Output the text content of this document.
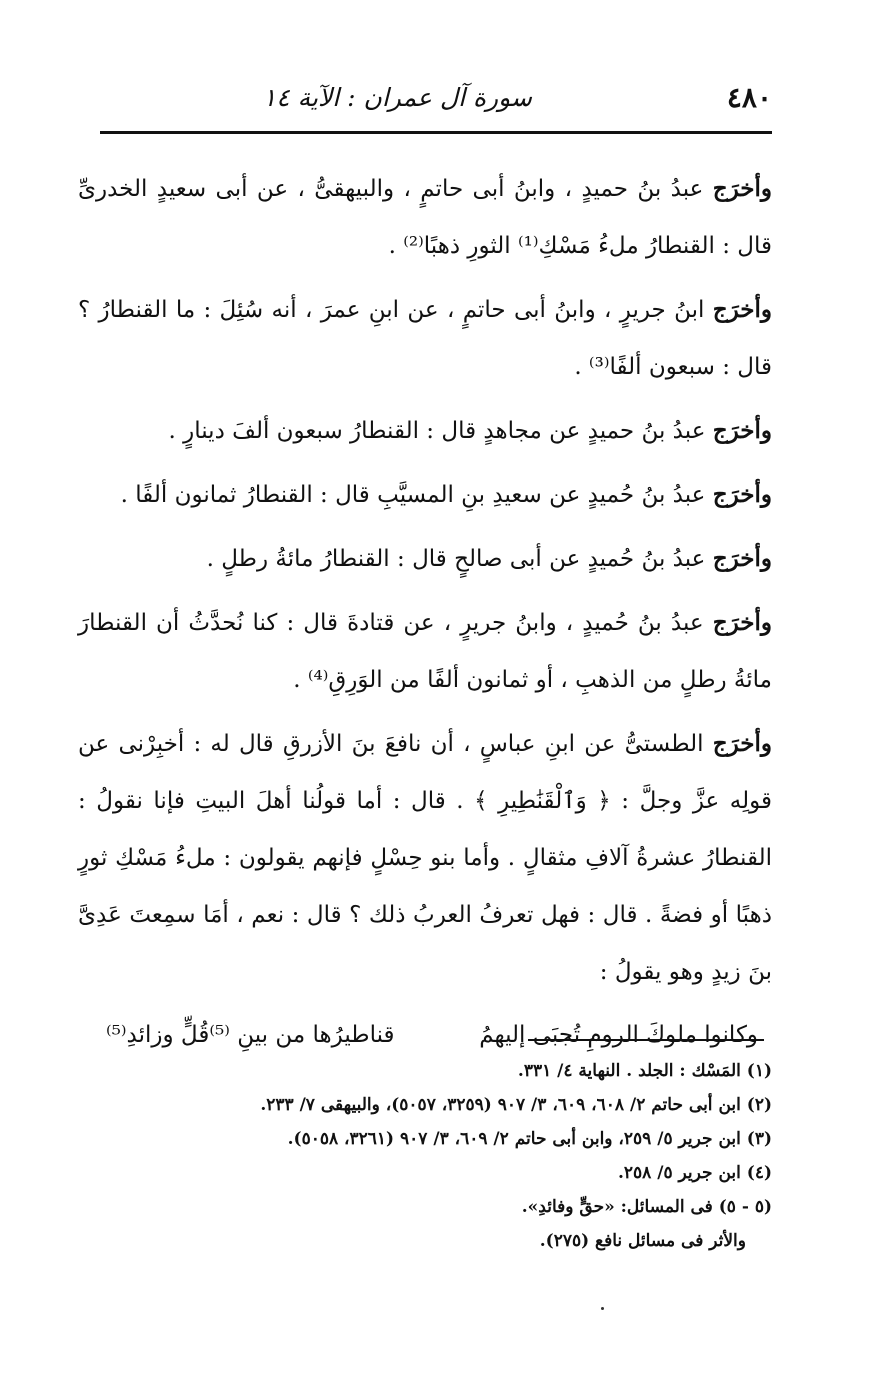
٤٨٠
سورة آل عمران : الآية ١٤

وأخرَج عبدُ بنُ حميدٍ ، وابنُ أبى حاتمٍ ، والبيهقىُّ ، عن أبى سعيدٍ الخدرىِّ قال : القنطارُ ملءُ مَسْكِ⁽¹⁾ الثورِ ذهبًا⁽²⁾ .

وأخرَج ابنُ جريرٍ ، وابنُ أبى حاتمٍ ، عن ابنِ عمرَ ، أنه سُئِلَ : ما القنطارُ ؟ قال : سبعون ألفًا⁽³⁾ .

وأخرَج عبدُ بنُ حميدٍ عن مجاهدٍ قال : القنطارُ سبعون ألفَ دينارٍ .

وأخرَج عبدُ بنُ حُميدٍ عن سعيدِ بنِ المسيَّبِ قال : القنطارُ ثمانون ألفًا .

وأخرَج عبدُ بنُ حُميدٍ عن أبى صالحٍ قال : القنطارُ مائةُ رطلٍ .

وأخرَج عبدُ بنُ حُميدٍ ، وابنُ جريرٍ ، عن قتادةَ قال : كنا نُحدَّثُ أن القنطارَ مائةُ رطلٍ من الذهبِ ، أو ثمانون ألفًا من الوَرِقِ⁽⁴⁾ .

وأخرَج الطستىُّ عن ابنِ عباسٍ ، أن نافعَ بنَ الأزرقِ قال له : أخبِرْنى عن قولِه عزَّ وجلَّ : ﴿ وَٱلْقَنَٰطِيرِ ﴾ . قال : أما قولُنا أهلَ البيتِ فإنا نقولُ : القنطارُ عشرةُ آلافِ مثقالٍ . وأما بنو حِسْلٍ فإنهم يقولون : ملءُ مَسْكِ ثورٍ ذهبًا أو فضةً . قال : فهل تعرفُ العربُ ذلك ؟ قال : نعم ، أمَا سمِعتَ عَدِىَّ بنَ زيدٍ وهو يقولُ :

وكانوا ملوكَ الرومِ تُجبَى إليهمُ
قناطيرُها من بينِ ⁽⁵⁾قُلٍّ وزائدِ⁽⁵⁾
(١) المَسْك : الجلد . النهاية ٤/ ٣٣١.
(٢) ابن أبى حاتم ٢/ ٦٠٨، ٦٠٩، ٣/ ٩٠٧ (٣٢٥٩، ٥٠٥٧)، والبيهقى ٧/ ٢٣٣.
(٣) ابن جرير ٥/ ٢٥٩، وابن أبى حاتم ٢/ ٦٠٩، ٣/ ٩٠٧ (٣٢٦١، ٥٠٥٨).
(٤) ابن جرير ٥/ ٢٥٨.
(٥ - ٥) فى المسائل: «حقٍّ وفائدِ».
والأثر فى مسائل نافع (٢٧٥).
